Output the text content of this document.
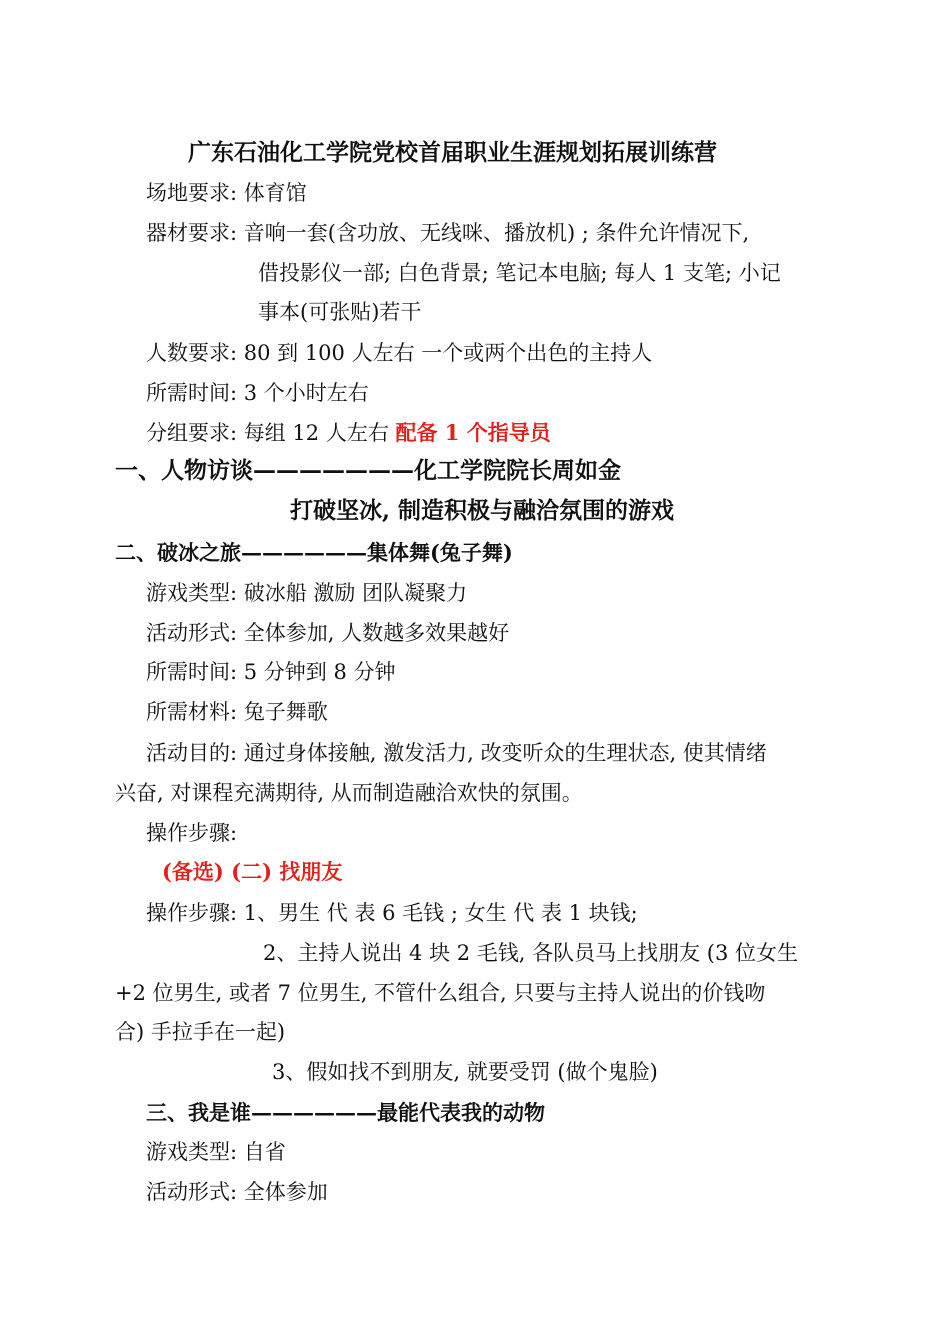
广东石油化工学院党校首届职业生涯规划拓展训练营
场地要求: 体育馆
器材要求: 音响一套(含功放、无线咪、播放机) ; 条件允许情况下,
借投影仪一部; 白色背景; 笔记本电脑; 每人 1 支笔; 小记
事本(可张贴)若干
人数要求: 80 到 100 人左右 一个或两个出色的主持人
所需时间: 3 个小时左右
分组要求: 每组 12 人左右 配备 1 个指导员
一、人物访谈———————化工学院院长周如金
打破坚冰, 制造积极与融洽氛围的游戏
二、破冰之旅——————集体舞(兔子舞)
游戏类型: 破冰船 激励 团队凝聚力
活动形式: 全体参加, 人数越多效果越好
所需时间: 5 分钟到 8 分钟
所需材料: 兔子舞歌
活动目的: 通过身体接触, 激发活力, 改变听众的生理状态, 使其情绪
兴奋, 对课程充满期待, 从而制造融洽欢快的氛围。
操作步骤:
(备选) (二) 找朋友
操作步骤: 1、男生 代 表 6 毛钱 ; 女生 代 表 1 块钱;
2、主持人说出 4 块 2 毛钱, 各队员马上找朋友 (3 位女生
+2 位男生, 或者 7 位男生, 不管什么组合, 只要与主持人说出的价钱吻
合) 手拉手在一起)
3、假如找不到朋友, 就要受罚 (做个鬼脸)
三、我是谁——————最能代表我的动物
游戏类型: 自省
活动形式: 全体参加
